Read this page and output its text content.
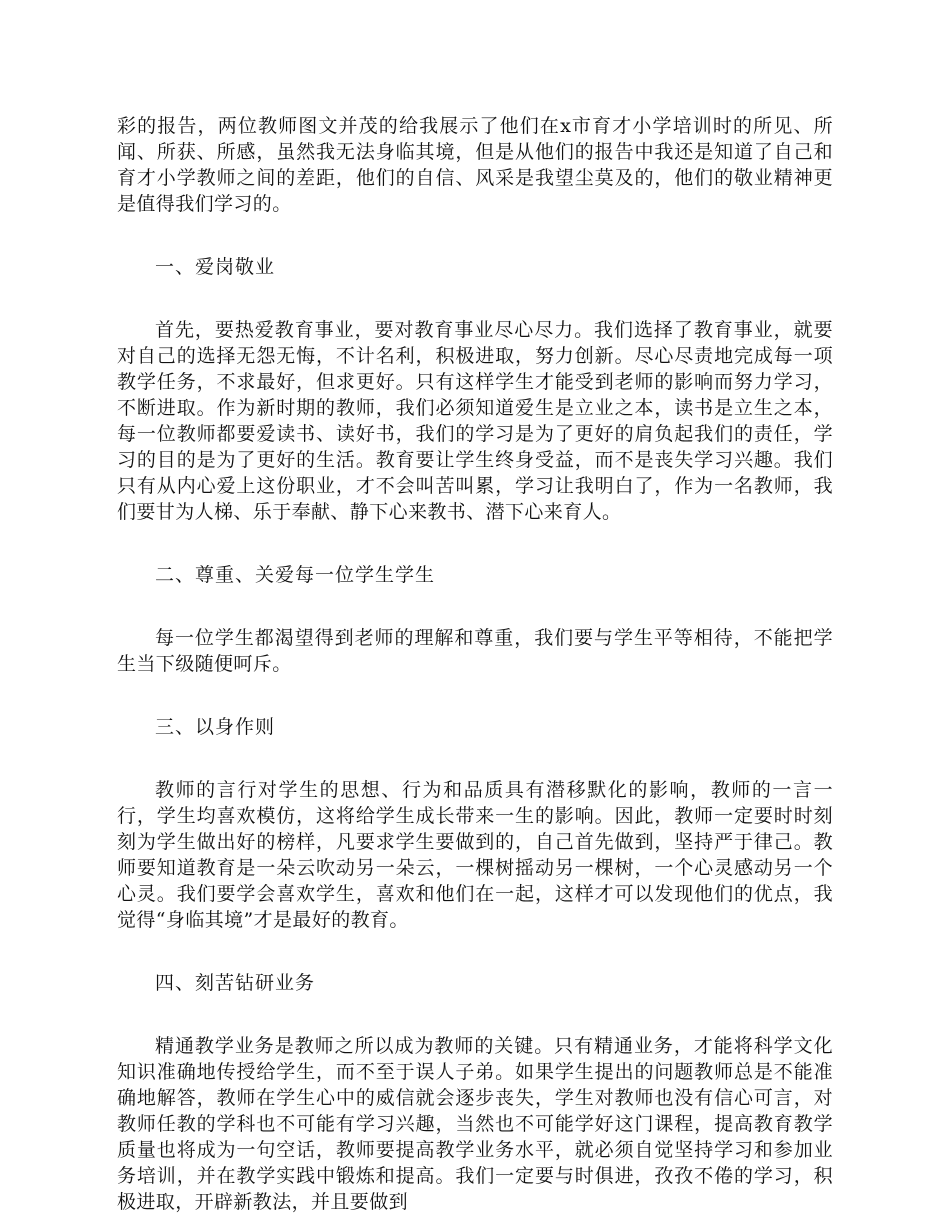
彩的报告，两位教师图文并茂的给我展示了他们在x市育才小学培训时的所见、所闻、所获、所感，虽然我无法身临其境，但是从他们的报告中我还是知道了自己和育才小学教师之间的差距，他们的自信、风采是我望尘莫及的，他们的敬业精神更是值得我们学习的。

一、爱岗敬业

首先，要热爱教育事业，要对教育事业尽心尽力。我们选择了教育事业，就要对自己的选择无怨无悔，不计名利，积极进取，努力创新。尽心尽责地完成每一项教学任务，不求最好，但求更好。只有这样学生才能受到老师的影响而努力学习，不断进取。作为新时期的教师，我们必须知道爱生是立业之本，读书是立生之本，每一位教师都要爱读书、读好书，我们的学习是为了更好的肩负起我们的责任，学习的目的是为了更好的生活。教育要让学生终身受益，而不是丧失学习兴趣。我们只有从内心爱上这份职业，才不会叫苦叫累，学习让我明白了，作为一名教师，我们要甘为人梯、乐于奉献、静下心来教书、潜下心来育人。

二、尊重、关爱每一位学生学生

每一位学生都渴望得到老师的理解和尊重，我们要与学生平等相待，不能把学生当下级随便呵斥。

三、以身作则

教师的言行对学生的思想、行为和品质具有潜移默化的影响，教师的一言一行，学生均喜欢模仿，这将给学生成长带来一生的影响。因此，教师一定要时时刻刻为学生做出好的榜样，凡要求学生要做到的，自己首先做到，坚持严于律己。教师要知道教育是一朵云吹动另一朵云，一棵树摇动另一棵树，一个心灵感动另一个心灵。我们要学会喜欢学生，喜欢和他们在一起，这样才可以发现他们的优点，我觉得“身临其境”才是最好的教育。

四、刻苦钻研业务

精通教学业务是教师之所以成为教师的关键。只有精通业务，才能将科学文化知识准确地传授给学生，而不至于误人子弟。如果学生提出的问题教师总是不能准确地解答，教师在学生心中的威信就会逐步丧失，学生对教师也没有信心可言，对教师任教的学科也不可能有学习兴趣，当然也不可能学好这门课程，提高教育教学质量也将成为一句空话，教师要提高教学业务水平，就必须自觉坚持学习和参加业务培训，并在教学实践中锻炼和提高。我们一定要与时俱进，孜孜不倦的学习，积极进取，开辟新教法，并且要做到
